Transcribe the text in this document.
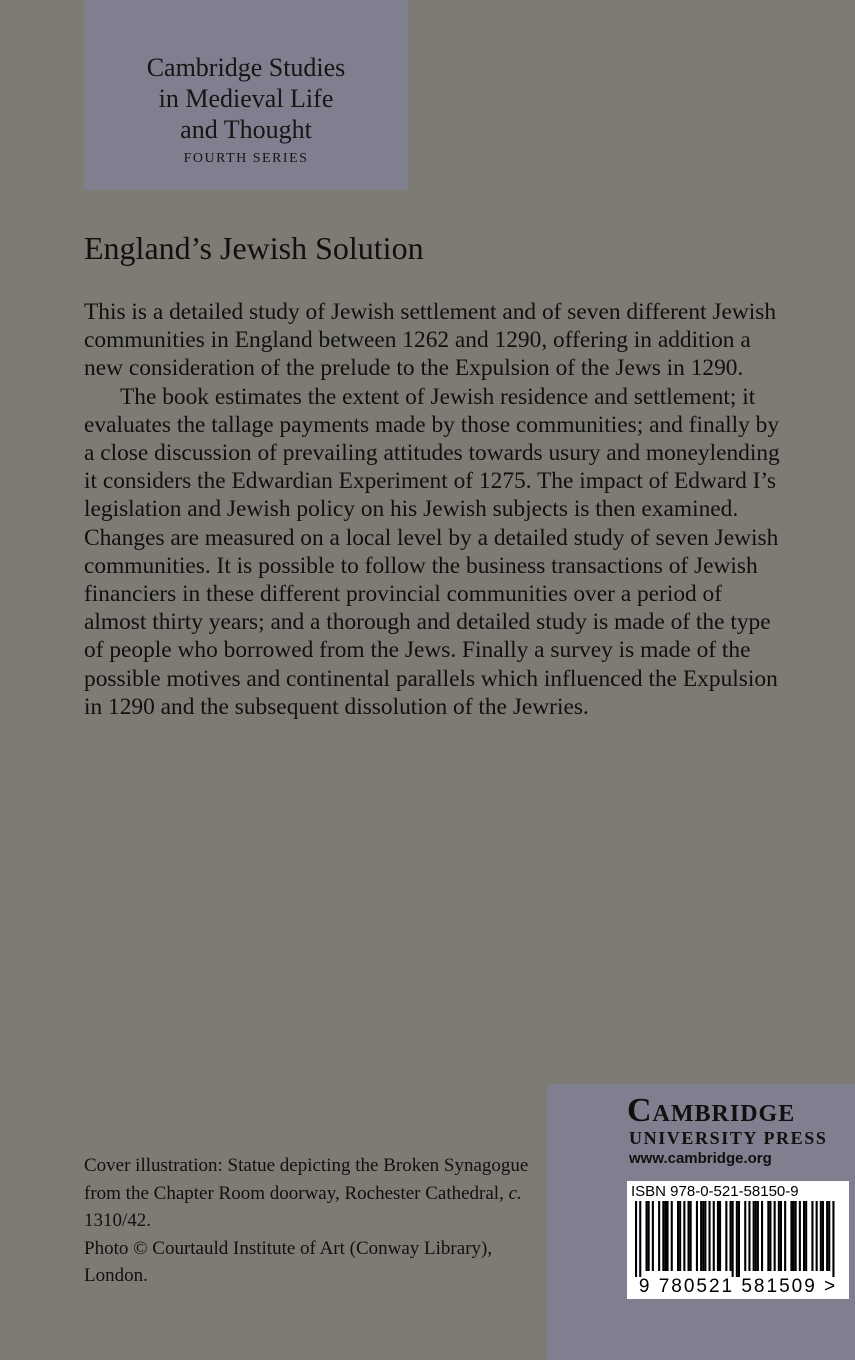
Cambridge Studies
in Medieval Life
and Thought
FOURTH SERIES
England’s Jewish Solution

This is a detailed study of Jewish settlement and of seven different Jewish communities in England between 1262 and 1290, offering in addition a new consideration of the prelude to the Expulsion of the Jews in 1290.

The book estimates the extent of Jewish residence and settlement; it evaluates the tallage payments made by those communities; and finally by a close discussion of prevailing attitudes towards usury and moneylending it considers the Edwardian Experiment of 1275. The impact of Edward I’s legislation and Jewish policy on his Jewish subjects is then examined. Changes are measured on a local level by a detailed study of seven Jewish communities. It is possible to follow the business transactions of Jewish financiers in these different provincial communities over a period of almost thirty years; and a thorough and detailed study is made of the type of people who borrowed from the Jews. Finally a survey is made of the possible motives and continental parallels which influenced the Expulsion in 1290 and the subsequent dissolution of the Jewries.

Cover illustration: Statue depicting the Broken Synagogue from the Chapter Room doorway, Rochester Cathedral, c. 1310/42.

Photo © Courtauld Institute of Art (Conway Library), London.

Cambridge
UNIVERSITY PRESS
www.cambridge.org
ISBN 978-0-521-58150-9
9 780521 581509 >
